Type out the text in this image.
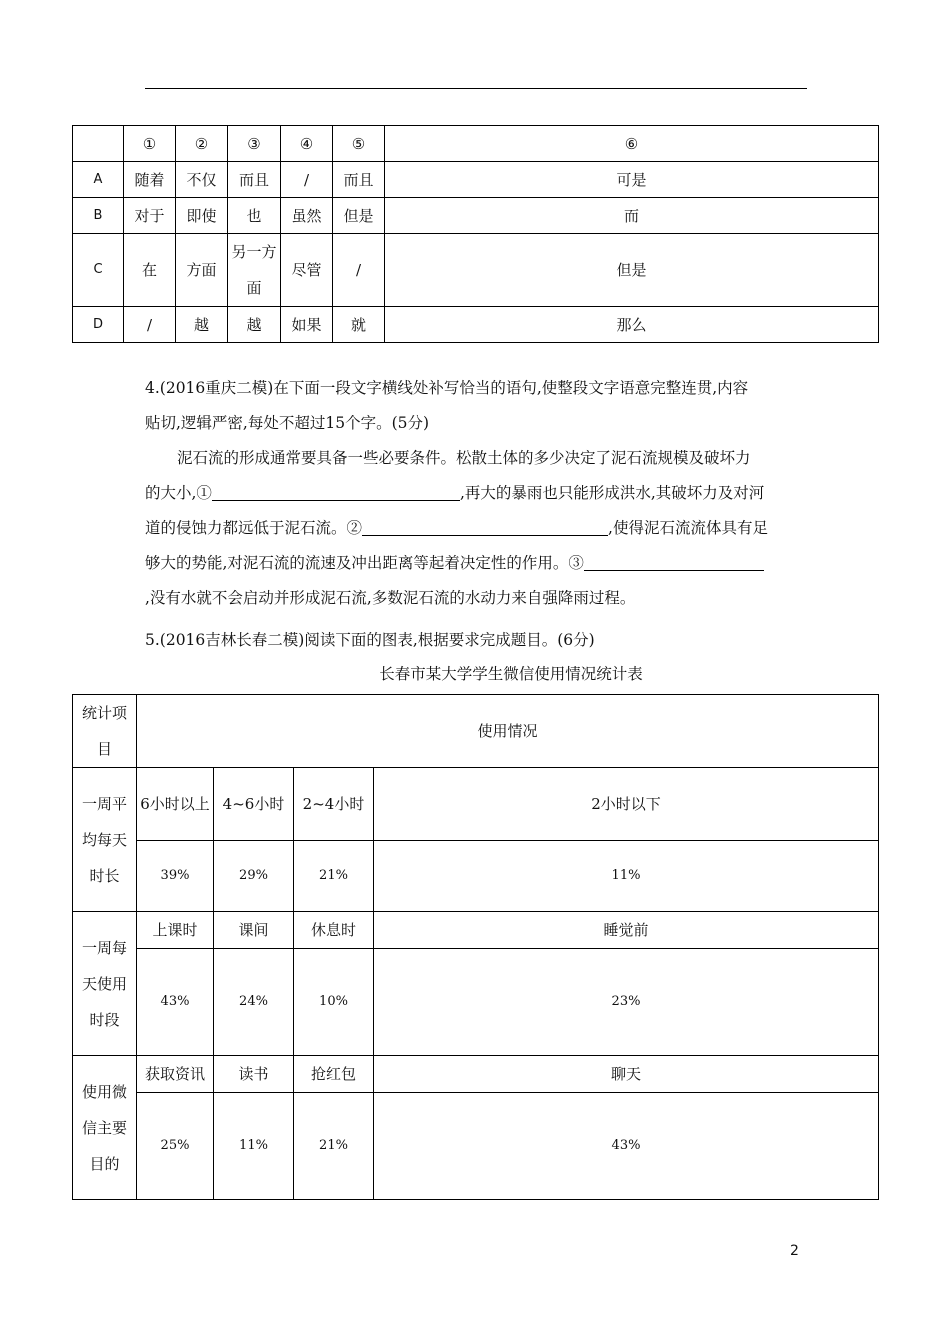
	①	②	③	④	⑤	⑥
A	随着	不仅	而且	/	而且	可是
B	对于	即使	也	虽然	但是	而
C	在	方面	另一方面	尽管	/	但是
D	/	越	越	如果	就	那么
4.(2016重庆二模)在下面一段文字横线处补写恰当的语句,使整段文字语意完整连贯,内容
贴切,逻辑严密,每处不超过15个字。(5分)
泥石流的形成通常要具备一些必要条件。松散土体的多少决定了泥石流规模及破坏力
的大小,①	,再大的暴雨也只能形成洪水,其破坏力及对河
道的侵蚀力都远低于泥石流。②	,使得泥石流流体具有足
够大的势能,对泥石流的流速及冲出距离等起着决定性的作用。③
,没有水就不会启动并形成泥石流,多数泥石流的水动力来自强降雨过程。
5.(2016吉林长春二模)阅读下面的图表,根据要求完成题目。(6分)
长春市某大学学生微信使用情况统计表
统计项目	使用情况			
一周平均每天时长	6小时以上	4~6小时	2~4小时	2小时以下
	39%	29%	21%	11%
一周每天使用时段	上课时	课间	休息时	睡觉前
	43%	24%	10%	23%
使用微信主要目的	获取资讯	读书	抢红包	聊天
	25%	11%	21%	43%
2
